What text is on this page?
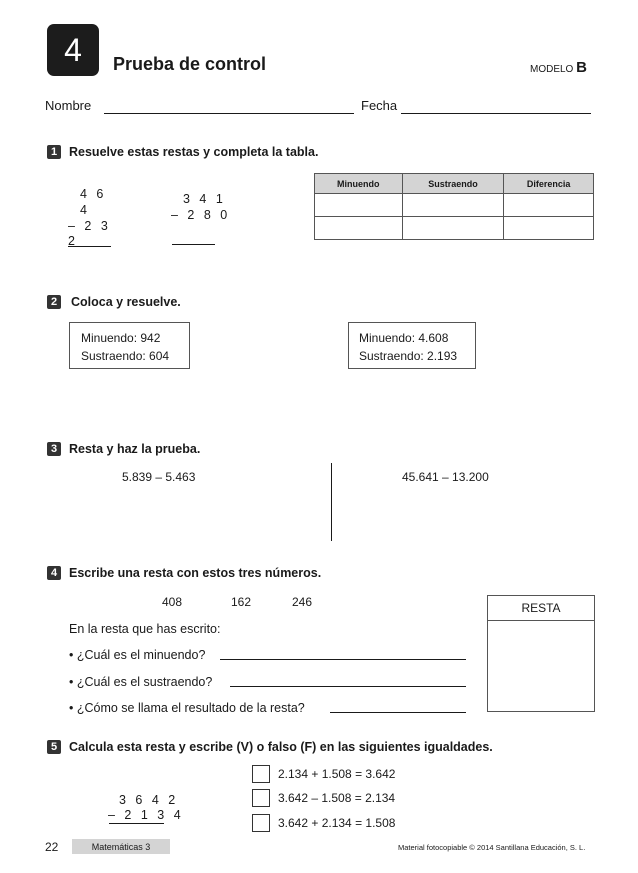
4 Prueba de control	MODELO B
Nombre	Fecha
1 Resuelve estas restas y completa la tabla.
4 6
4
– 2 3
2
3 4 1
– 2 8 0
Minuendo	Sustraendo	Diferencia

2	Coloca y resuelve.
Minuendo: 942
Sustraendo: 604
Minuendo: 4.608
Sustraendo: 2.193
3 Resta y haz la prueba.
5.839 – 5.463	45.641 – 13.200
4 Escribe una resta con estos tres números.
408	162	246
En la resta que has escrito:
• ¿Cuál es el minuendo?
• ¿Cuál es el sustraendo?
• ¿Cómo se llama el resultado de la resta?
RESTA
5 Calcula esta resta y escribe (V) o falso (F) en las siguientes igualdades.
3 6 4 2
– 2 1 3 4
2.134 + 1.508 = 3.642
3.642 – 1.508 = 2.134
3.642 + 2.134 = 1.508
22	Matemáticas 3	Material fotocopiable © 2014 Santillana Educación, S. L.
